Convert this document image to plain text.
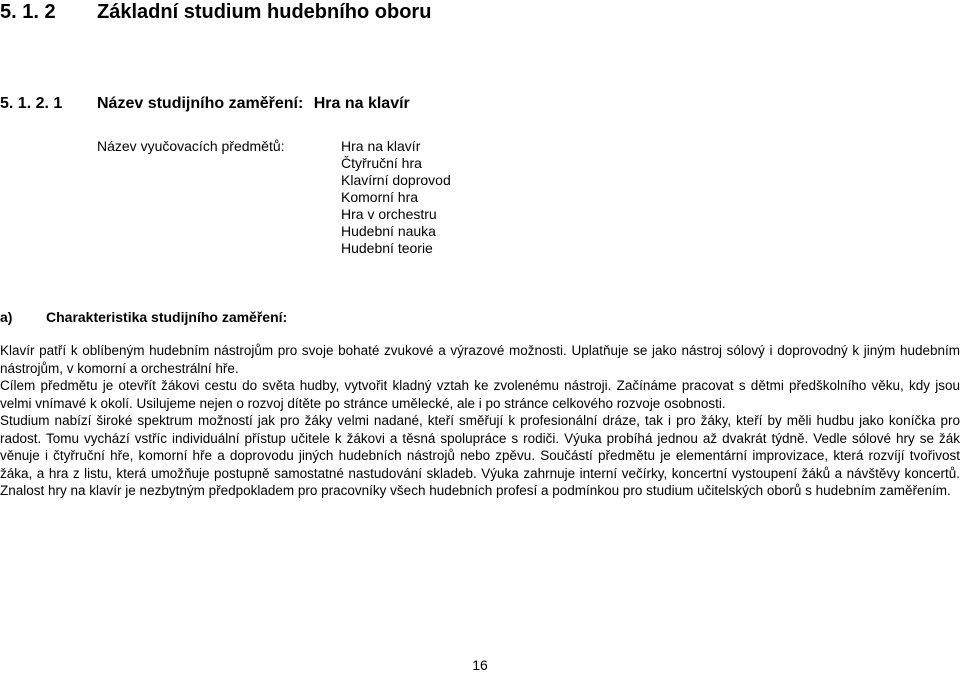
5. 1. 2 Základní studium hudebního oboru
5. 1. 2. 1 Název studijního zaměření: Hra na klavír
Název vyučovacích předmětů:	Hra na klavír
Čtyřruční hra
Klavírní doprovod
Komorní hra
Hra v orchestru
Hudební nauka
Hudební teorie
a) Charakteristika studijního zaměření:

Klavír patří k oblíbeným hudebním nástrojům pro svoje bohaté zvukové a výrazové možnosti. Uplatňuje se jako nástroj sólový i doprovodný k jiným hudebním nástrojům, v komorní a orchestrální hře.

Cílem předmětu je otevřít žákovi cestu do světa hudby, vytvořit kladný vztah ke zvolenému nástroji. Začínáme pracovat s dětmi předškolního věku, kdy jsou velmi vnímavé k okolí. Usilujeme nejen o rozvoj dítěte po stránce umělecké, ale i po stránce celkového rozvoje osobnosti.

Studium nabízí široké spektrum možností jak pro žáky velmi nadané, kteří směřují k profesionální dráze, tak i pro žáky, kteří by měli hudbu jako koníčka pro radost. Tomu vychází vstříc individuální přístup učitele k žákovi a těsná spolupráce s rodiči. Výuka probíhá jednou až dvakrát týdně. Vedle sólové hry se žák věnuje i čtyřruční hře, komorní hře a doprovodu jiných hudebních nástrojů nebo zpěvu. Součástí předmětu je elementární improvizace, která rozvíjí tvořivost žáka, a hra z listu, která umožňuje postupně samostatné nastudování skladeb. Výuka zahrnuje interní večírky, koncertní vystoupení žáků a návštěvy koncertů. Znalost hry na klavír je nezbytným předpokladem pro pracovníky všech hudebních profesí a podmínkou pro studium učitelských oborů s hudebním zaměřením.

16
